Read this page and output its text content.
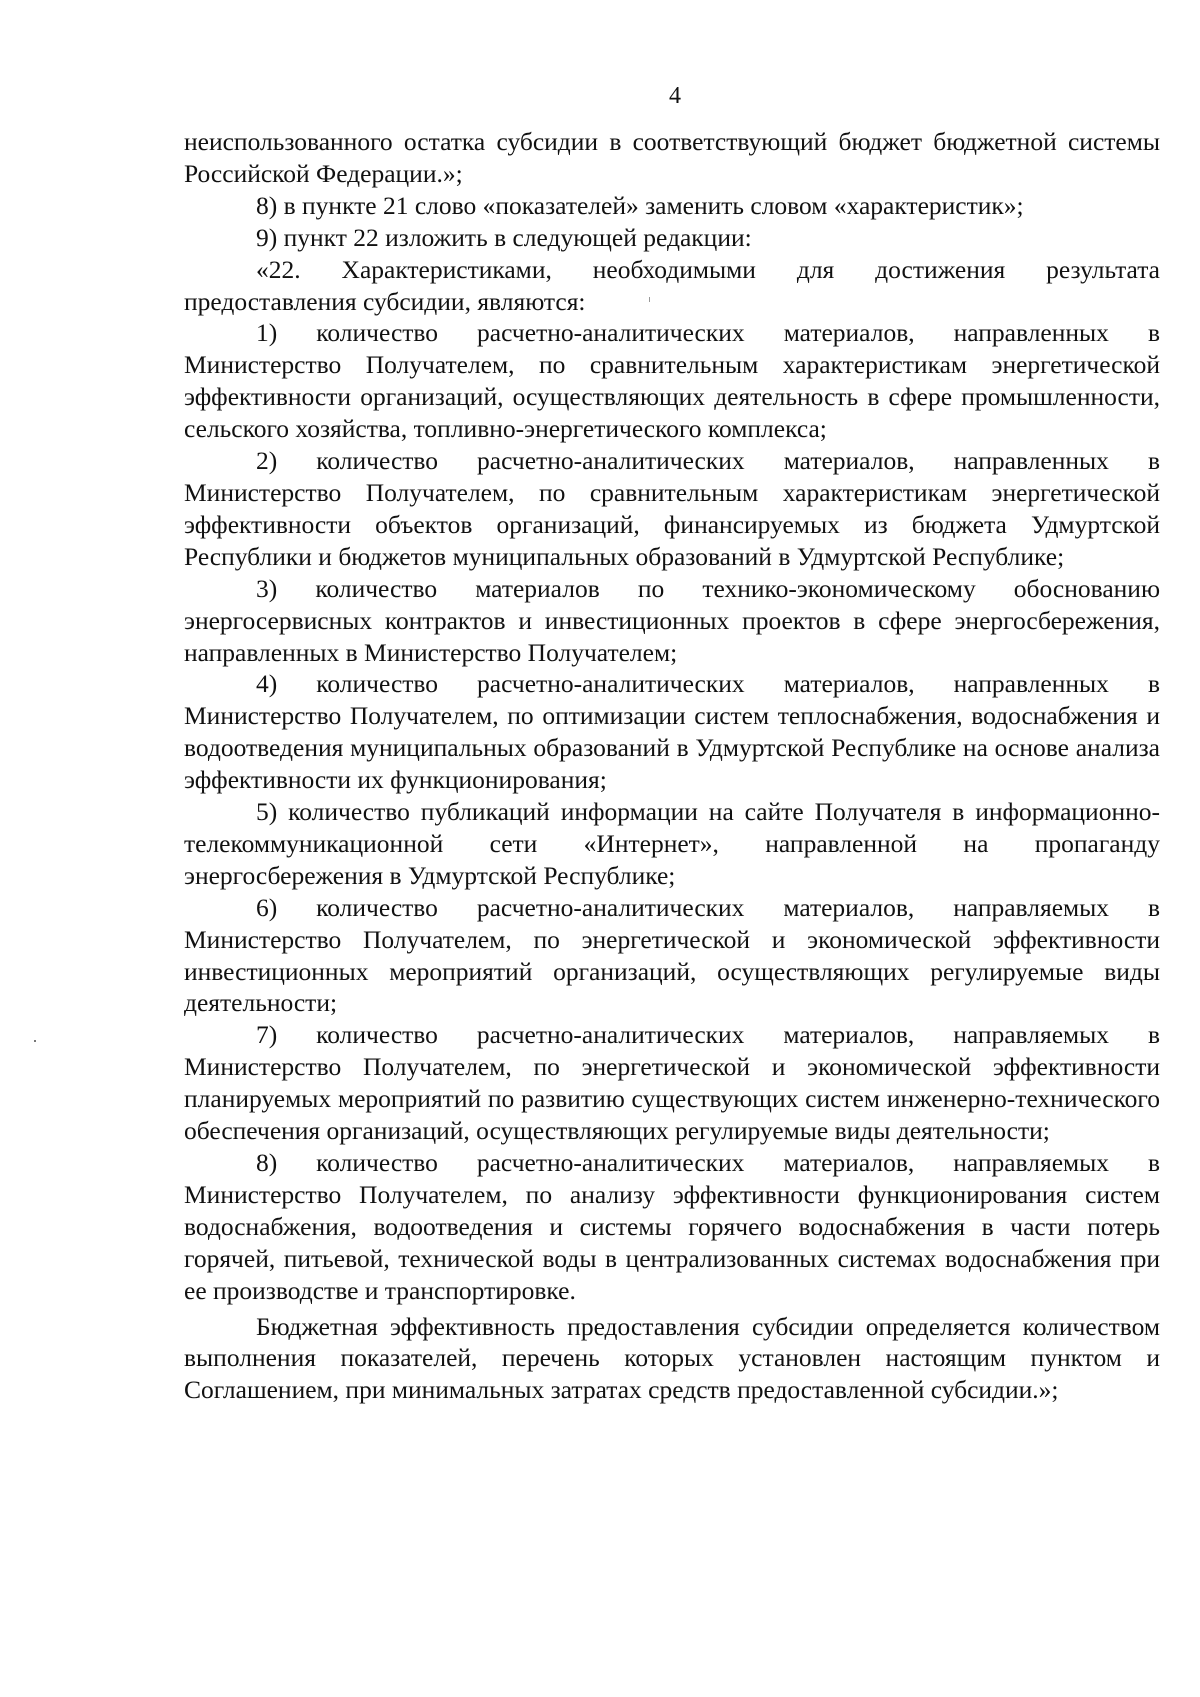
4

неиспользованного остатка субсидии в соответствующий бюджет бюджетной системы Российской Федерации.»;

8) в пункте 21 слово «показателей» заменить словом «характеристик»;

9) пункт 22 изложить в следующей редакции:

«22. Характеристиками, необходимыми для достижения результата предоставления субсидии, являются:

1) количество расчетно-аналитических материалов, направленных в Министерство Получателем, по сравнительным характеристикам энергетической эффективности организаций, осуществляющих деятельность в сфере промышленности, сельского хозяйства, топливно-энергетического комплекса;

2) количество расчетно-аналитических материалов, направленных в Министерство Получателем, по сравнительным характеристикам энергетической эффективности объектов организаций, финансируемых из бюджета Удмуртской Республики и бюджетов муниципальных образований в Удмуртской Республике;

3) количество материалов по технико-экономическому обоснованию энергосервисных контрактов и инвестиционных проектов в сфере энергосбережения, направленных в Министерство Получателем;

4) количество расчетно-аналитических материалов, направленных в Министерство Получателем, по оптимизации систем теплоснабжения, водоснабжения и водоотведения муниципальных образований в Удмуртской Республике на основе анализа эффективности их функционирования;

5) количество публикаций информации на сайте Получателя в информационно-телекоммуникационной сети «Интернет», направленной на пропаганду энергосбережения в Удмуртской Республике;

6) количество расчетно-аналитических материалов, направляемых в Министерство Получателем, по энергетической и экономической эффективности инвестиционных мероприятий организаций, осуществляющих регулируемые виды деятельности;

7) количество расчетно-аналитических материалов, направляемых в Министерство Получателем, по энергетической и экономической эффективности планируемых мероприятий по развитию существующих систем инженерно-технического обеспечения организаций, осуществляющих регулируемые виды деятельности;

8) количество расчетно-аналитических материалов, направляемых в Министерство Получателем, по анализу эффективности функционирования систем водоснабжения, водоотведения и системы горячего водоснабжения в части потерь горячей, питьевой, технической воды в централизованных системах водоснабжения при ее производстве и транспортировке.

Бюджетная эффективность предоставления субсидии определяется количеством выполнения показателей, перечень которых установлен настоящим пунктом и Соглашением, при минимальных затратах средств предоставленной субсидии.»;
